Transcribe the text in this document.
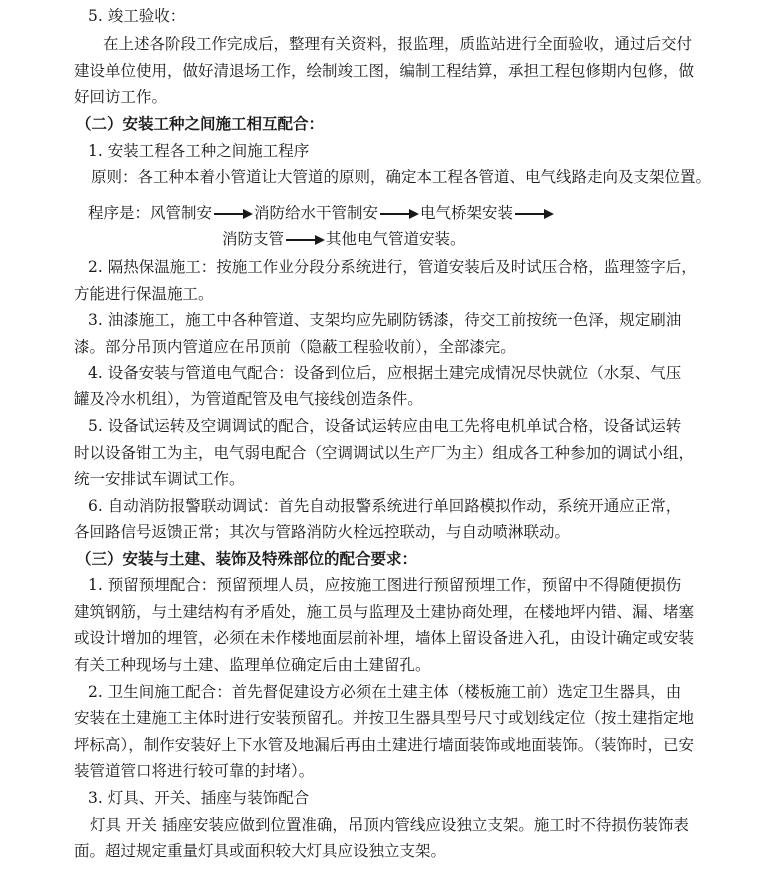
5. 竣工验收：
在上述各阶段工作完成后，整理有关资料，报监理，质监站进行全面验收，通过后交付
建设单位使用，做好清退场工作，绘制竣工图，编制工程结算，承担工程包修期内包修，做
好回访工作。
（二）安装工种之间施工相互配合：
1. 安装工程各工种之间施工程序
原则：各工种本着小管道让大管道的原则，确定本工程各管道、电气线路走向及支架位置。
2. 隔热保温施工：按施工作业分段分系统进行，管道安装后及时试压合格，监理签字后，
方能进行保温施工。
3. 油漆施工，施工中各种管道、支架均应先刷防锈漆，待交工前按统一色泽，规定刷油
漆。部分吊顶内管道应在吊顶前（隐蔽工程验收前），全部漆完。
4. 设备安装与管道电气配合：设备到位后，应根据土建完成情况尽快就位（水泵、气压
罐及冷水机组），为管道配管及电气接线创造条件。
5. 设备试运转及空调调试的配合，设备试运转应由电工先将电机单试合格，设备试运转
时以设备钳工为主，电气弱电配合（空调调试以生产厂为主）组成各工种参加的调试小组，
统一安排试车调试工作。
6. 自动消防报警联动调试：首先自动报警系统进行单回路模拟作动，系统开通应正常，
各回路信号返馈正常；其次与管路消防火栓远控联动，与自动喷淋联动。
（三）安装与土建、装饰及特殊部位的配合要求：
1. 预留预埋配合：预留预埋人员，应按施工图进行预留预埋工作，预留中不得随便损伤
建筑钢筋，与土建结构有矛盾处，施工员与监理及土建协商处理，在楼地坪内错、漏、堵塞
或设计增加的埋管，必须在未作楼地面层前补埋，墙体上留设备进入孔，由设计确定或安装
有关工种现场与土建、监理单位确定后由土建留孔。
2. 卫生间施工配合：首先督促建设方必须在土建主体（楼板施工前）选定卫生器具，由
安装在土建施工主体时进行安装预留孔。并按卫生器具型号尺寸或划线定位（按土建指定地
坪标高），制作安装好上下水管及地漏后再由土建进行墙面装饰或地面装饰。（装饰时，已安
装管道管口将进行较可靠的封堵）。
3. 灯具、开关、插座与装饰配合
灯具 开关 插座安装应做到位置准确，吊顶内管线应设独立支架。施工时不待损伤装饰表
面。超过规定重量灯具或面积较大灯具应设独立支架。
程序是：风管制安	消防给水干管制安	电气桥架安装
消防支管	其他电气管道安装。
